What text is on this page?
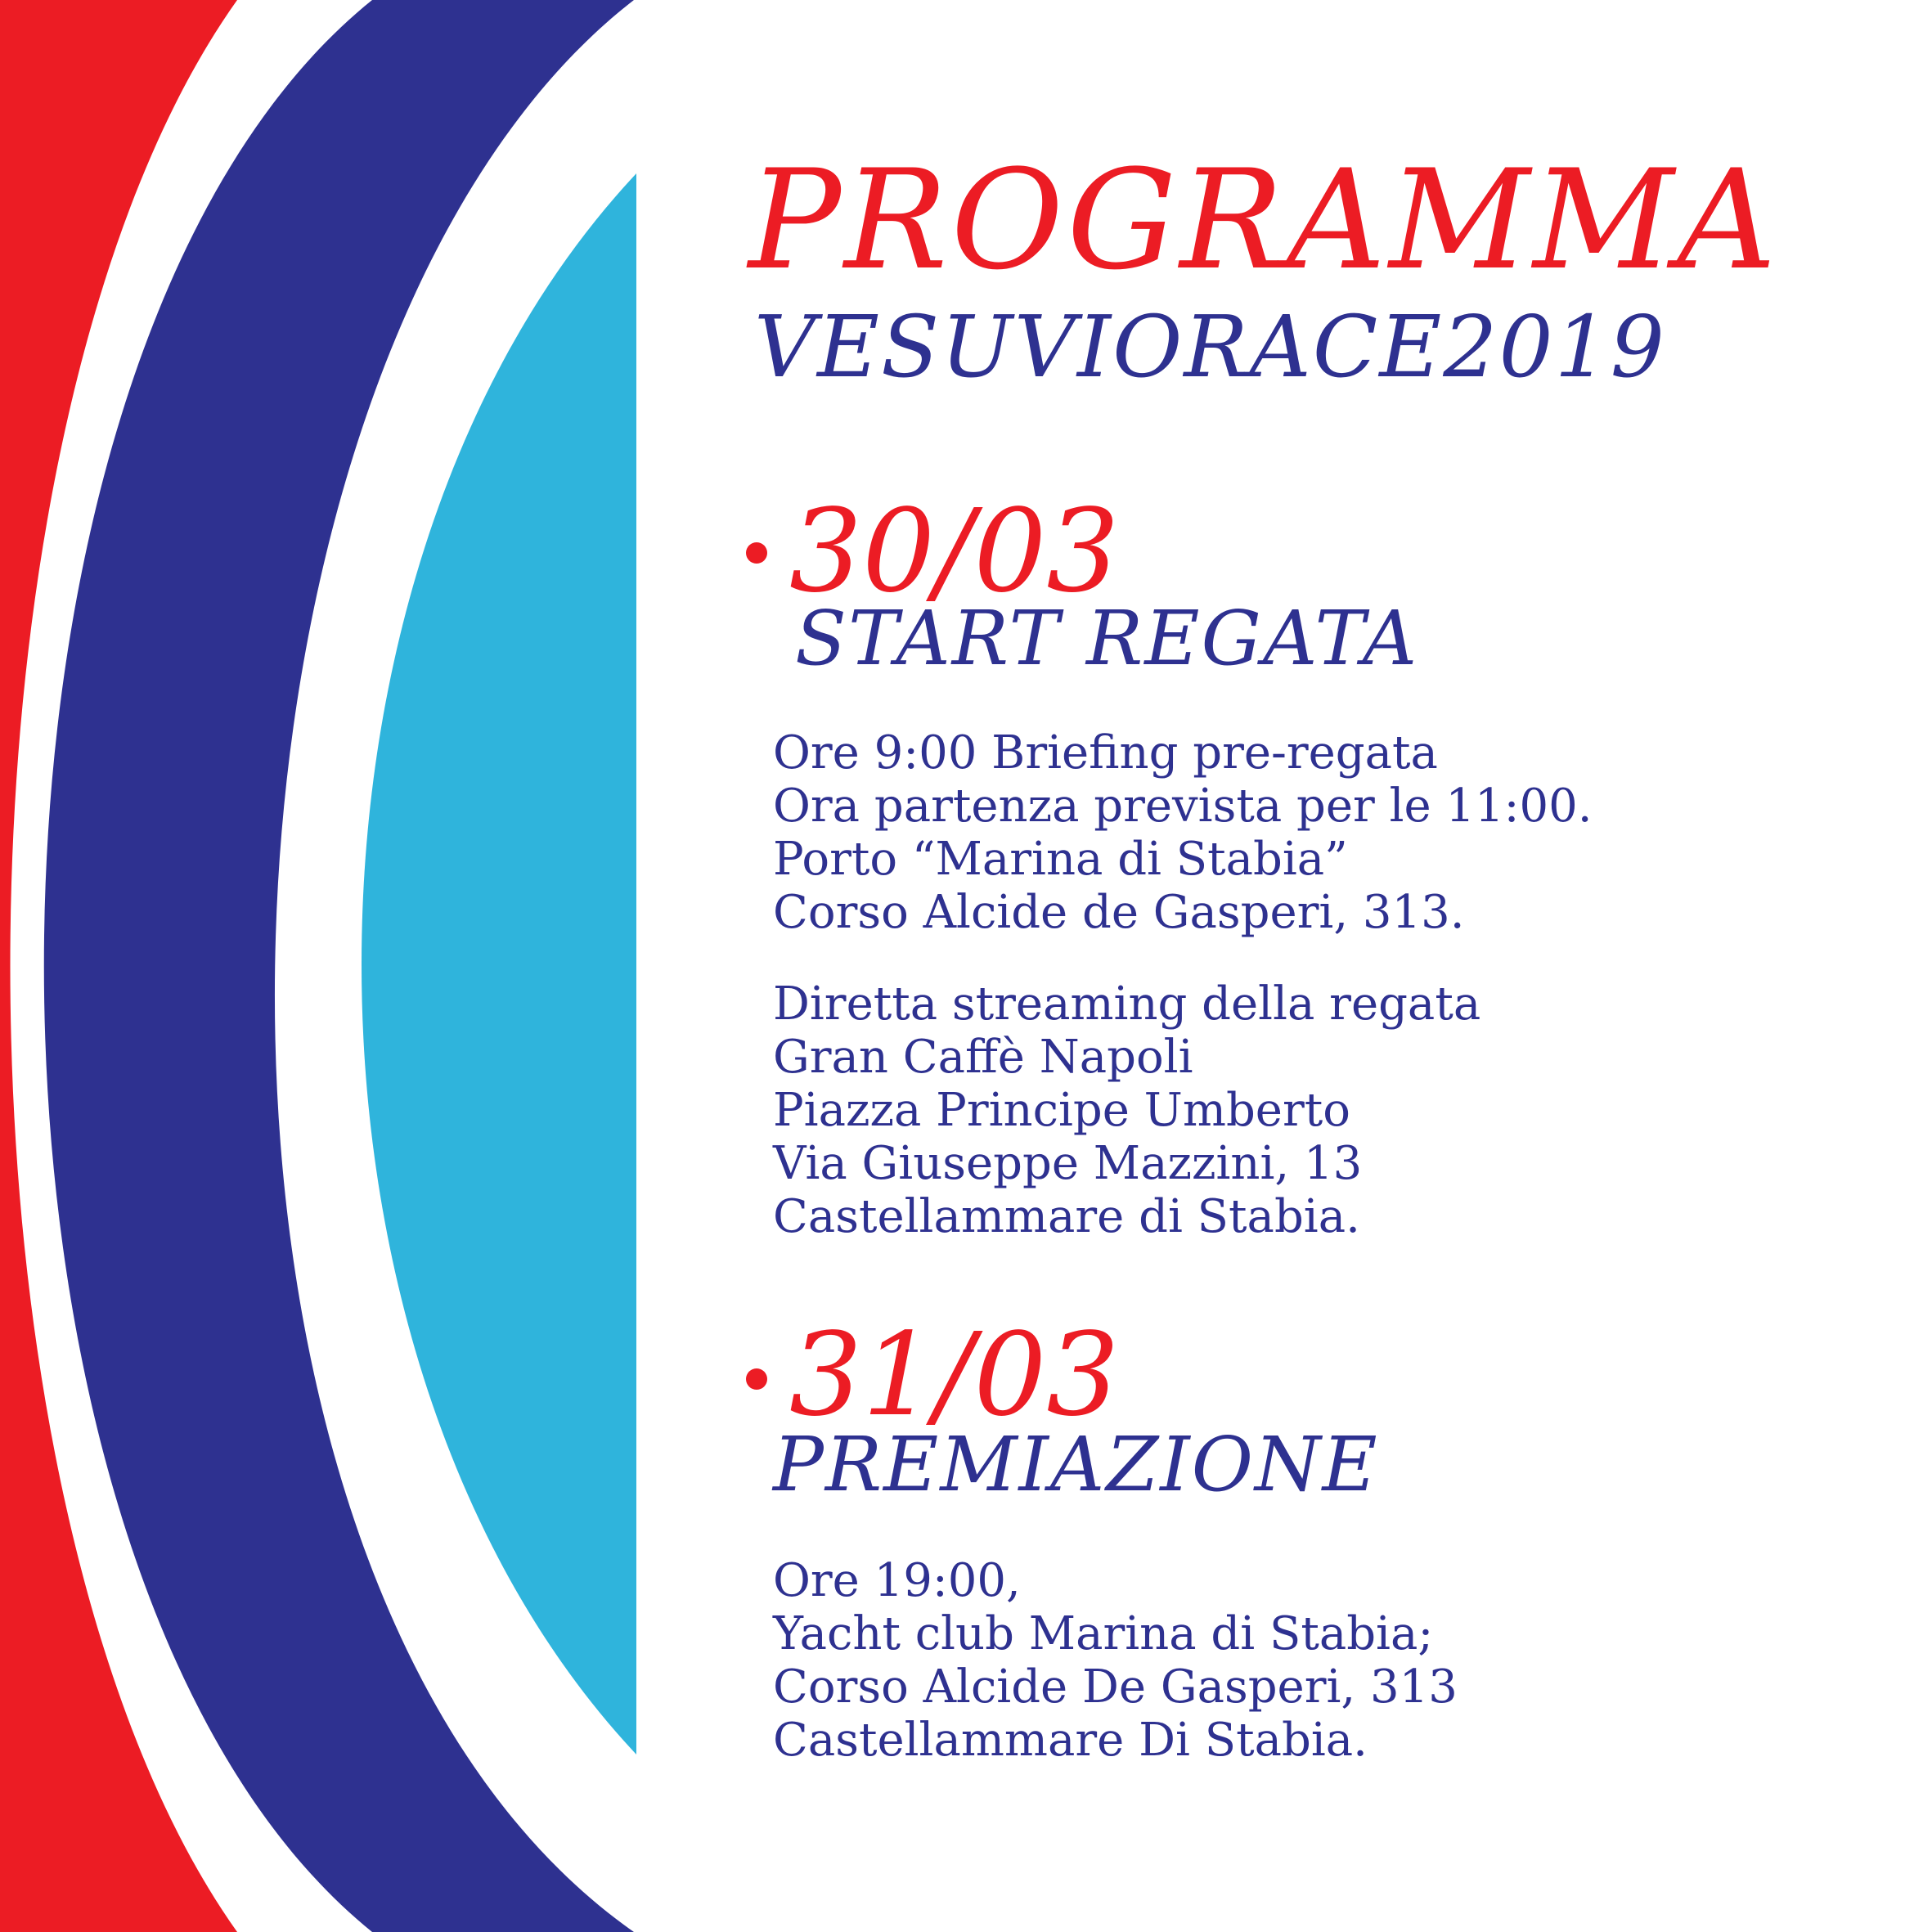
PROGRAMMA
VESUVIORACE2019
30/03
START REGATA
Ore 9:00 Briefing pre-regata
Ora partenza prevista per le 11:00.
Porto “Marina di Stabia”
Corso Alcide de Gasperi, 313.
Diretta streaming della regata
Gran Caffè Napoli
Piazza Principe Umberto
Via Giuseppe Mazzini, 13
Castellammare di Stabia.
31/03
PREMIAZIONE
Ore 19:00,
Yacht club Marina di Stabia;
Corso Alcide De Gasperi, 313
Castellammare Di Stabia.
